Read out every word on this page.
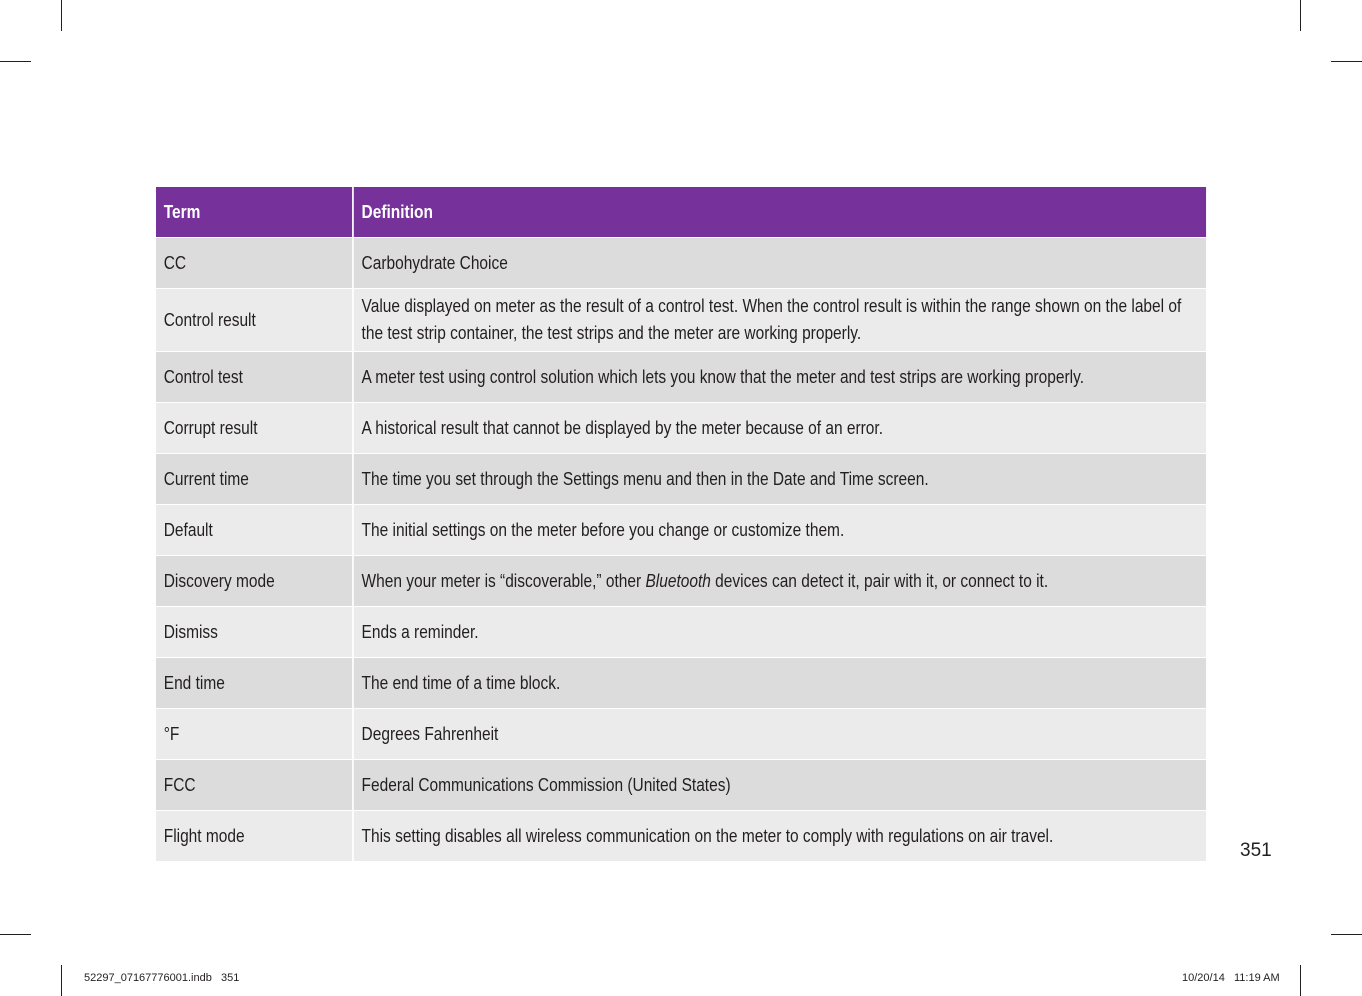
Term	Definition
CC	Carbohydrate Choice
Control result	Value displayed on meter as the result of a control test. When the control result is within the range shown on the label of the test strip container, the test strips and the meter are working properly.
Control test	A meter test using control solution which lets you know that the meter and test strips are working properly.
Corrupt result	A historical result that cannot be displayed by the meter because of an error.
Current time	The time you set through the Settings menu and then in the Date and Time screen.
Default	The initial settings on the meter before you change or customize them.
Discovery mode	When your meter is “discoverable,” other Bluetooth devices can detect it, pair with it, or connect to it.
Dismiss	Ends a reminder.
End time	The end time of a time block.
°F	Degrees Fahrenheit
FCC	Federal Communications Commission (United States)
Flight mode	This setting disables all wireless communication on the meter to comply with regulations on air travel.
351
52297_07167776001.indb   351	10/20/14   11:19 AM
